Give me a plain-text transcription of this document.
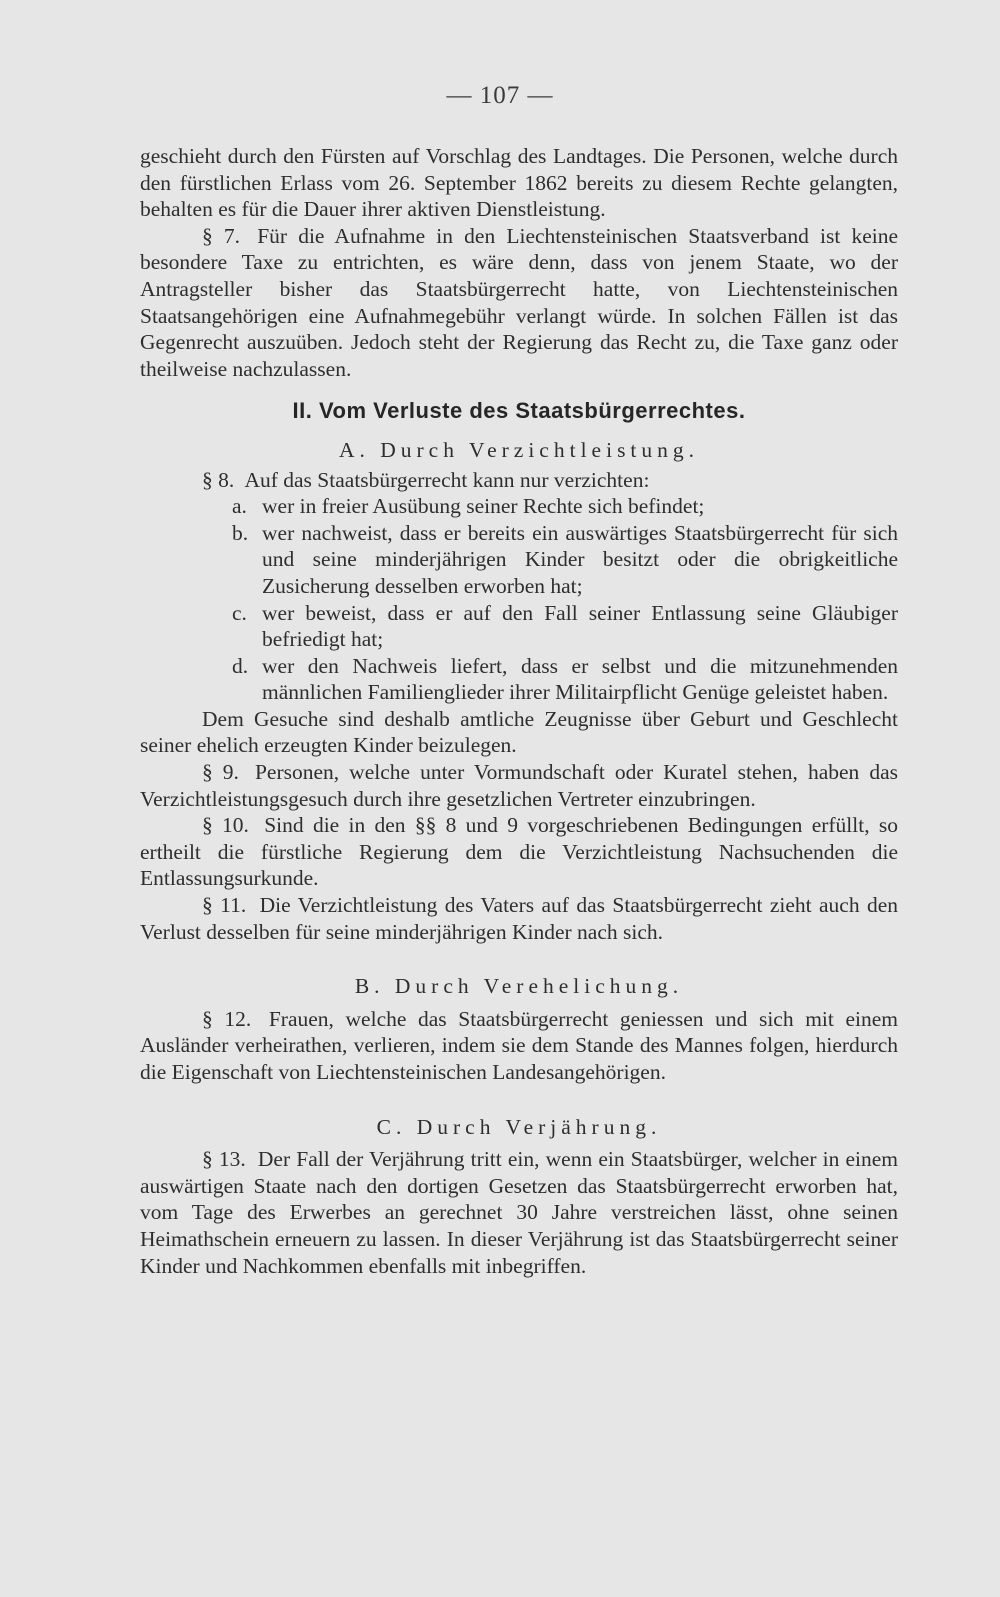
— 107 —

geschieht durch den Fürsten auf Vorschlag des Landtages. Die Personen, welche durch den fürstlichen Erlass vom 26. September 1862 bereits zu diesem Rechte gelangten, behalten es für die Dauer ihrer aktiven Dienstleistung.

§ 7. Für die Aufnahme in den Liechtensteinischen Staatsverband ist keine besondere Taxe zu entrichten, es wäre denn, dass von jenem Staate, wo der Antragsteller bisher das Staatsbürgerrecht hatte, von Liechtensteinischen Staatsangehörigen eine Aufnahmegebühr verlangt würde. In solchen Fällen ist das Gegenrecht auszuüben. Jedoch steht der Regierung das Recht zu, die Taxe ganz oder theilweise nachzulassen.

II. Vom Verluste des Staatsbürgerrechtes.
A. Durch Verzichtleistung.

§ 8. Auf das Staatsbürgerrecht kann nur verzichten:

a. wer in freier Ausübung seiner Rechte sich befindet;
b. wer nachweist, dass er bereits ein auswärtiges Staatsbürgerrecht für sich und seine minderjährigen Kinder besitzt oder die obrigkeitliche Zusicherung desselben erworben hat;
c. wer beweist, dass er auf den Fall seiner Entlassung seine Gläubiger befriedigt hat;
d. wer den Nachweis liefert, dass er selbst und die mitzunehmenden männlichen Familienglieder ihrer Militairpflicht Genüge geleistet haben.

Dem Gesuche sind deshalb amtliche Zeugnisse über Geburt und Geschlecht seiner ehelich erzeugten Kinder beizulegen.

§ 9. Personen, welche unter Vormundschaft oder Kuratel stehen, haben das Verzichtleistungsgesuch durch ihre gesetzlichen Vertreter einzubringen.

§ 10. Sind die in den §§ 8 und 9 vorgeschriebenen Bedingungen erfüllt, so ertheilt die fürstliche Regierung dem die Verzichtleistung Nachsuchenden die Entlassungsurkunde.

§ 11. Die Verzichtleistung des Vaters auf das Staatsbürgerrecht zieht auch den Verlust desselben für seine minderjährigen Kinder nach sich.

B. Durch Verehelichung.

§ 12. Frauen, welche das Staatsbürgerrecht geniessen und sich mit einem Ausländer verheirathen, verlieren, indem sie dem Stande des Mannes folgen, hierdurch die Eigenschaft von Liechtensteinischen Landesangehörigen.

C. Durch Verjährung.

§ 13. Der Fall der Verjährung tritt ein, wenn ein Staatsbürger, welcher in einem auswärtigen Staate nach den dortigen Gesetzen das Staatsbürgerrecht erworben hat, vom Tage des Erwerbes an gerechnet 30 Jahre verstreichen lässt, ohne seinen Heimathschein erneuern zu lassen. In dieser Verjährung ist das Staatsbürgerrecht seiner Kinder und Nachkommen ebenfalls mit inbegriffen.
